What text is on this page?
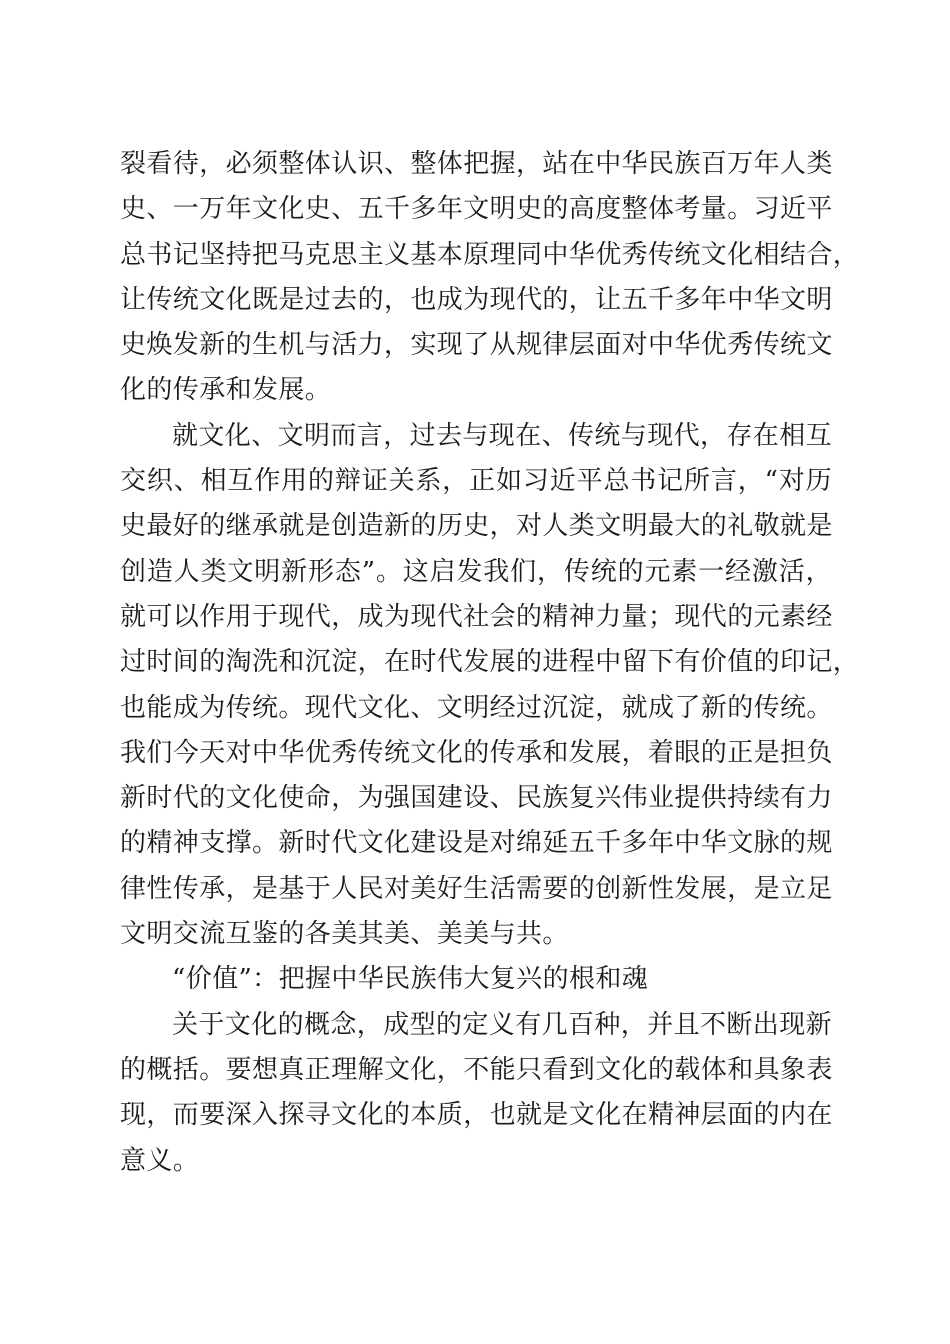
裂看待，必须整体认识、整体把握，站在中华民族百万年人类
史、一万年文化史、五千多年文明史的高度整体考量。习近平
总书记坚持把马克思主义基本原理同中华优秀传统文化相结合，
让传统文化既是过去的，也成为现代的，让五千多年中华文明
史焕发新的生机与活力，实现了从规律层面对中华优秀传统文
化的传承和发展。
就文化、文明而言，过去与现在、传统与现代，存在相互
交织、相互作用的辩证关系，正如习近平总书记所言，“对历
史最好的继承就是创造新的历史，对人类文明最大的礼敬就是
创造人类文明新形态”。这启发我们，传统的元素一经激活，
就可以作用于现代，成为现代社会的精神力量；现代的元素经
过时间的淘洗和沉淀，在时代发展的进程中留下有价值的印记，
也能成为传统。现代文化、文明经过沉淀，就成了新的传统。
我们今天对中华优秀传统文化的传承和发展，着眼的正是担负
新时代的文化使命，为强国建设、民族复兴伟业提供持续有力
的精神支撑。新时代文化建设是对绵延五千多年中华文脉的规
律性传承，是基于人民对美好生活需要的创新性发展，是立足
文明交流互鉴的各美其美、美美与共。
“价值”：把握中华民族伟大复兴的根和魂
关于文化的概念，成型的定义有几百种，并且不断出现新
的概括。要想真正理解文化，不能只看到文化的载体和具象表
现，而要深入探寻文化的本质，也就是文化在精神层面的内在
意义。
